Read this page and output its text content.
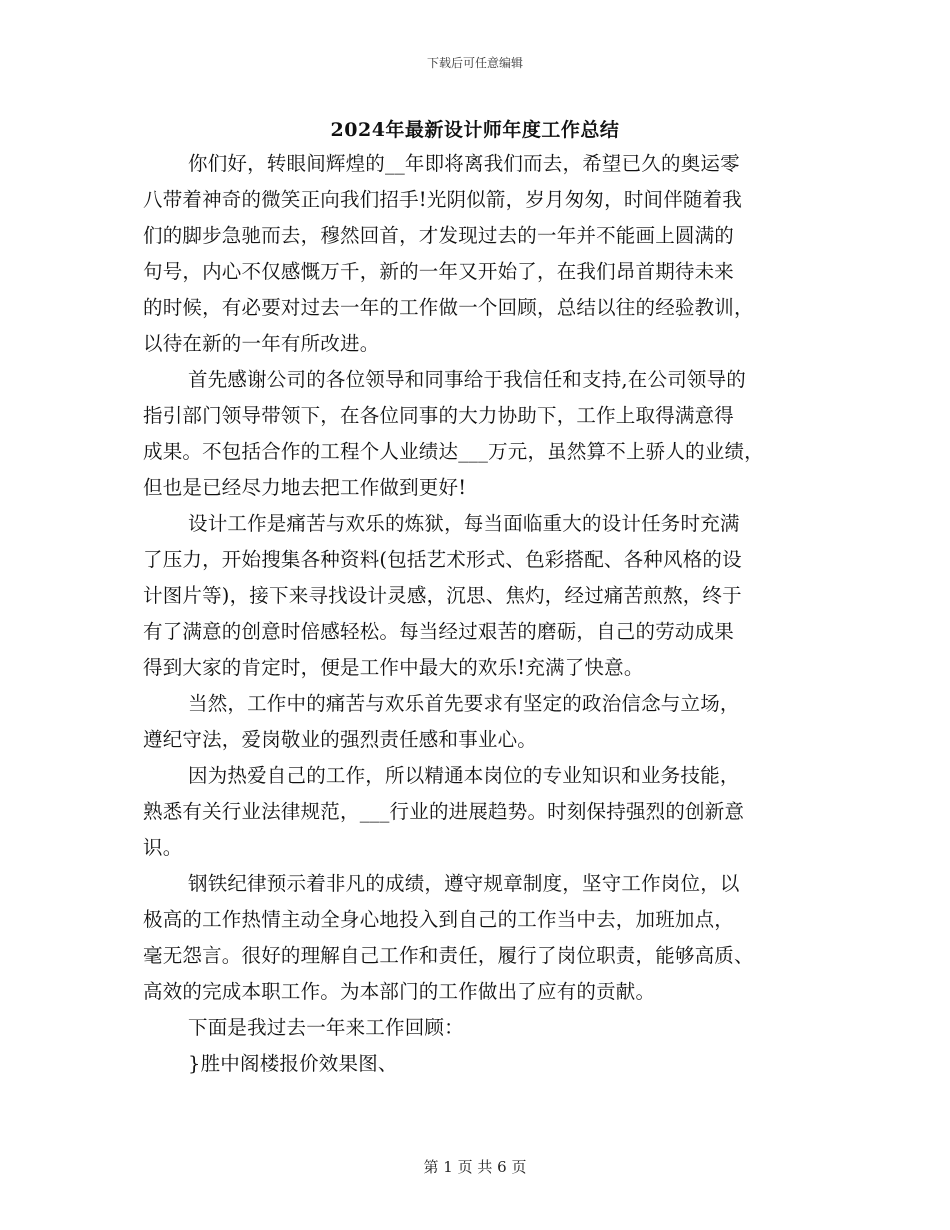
下载后可任意编辑
2024年最新设计师年度工作总结
你们好，转眼间辉煌的__年即将离我们而去，希望已久的奥运零
八带着神奇的微笑正向我们招手!光阴似箭，岁月匆匆，时间伴随着我
们的脚步急驰而去，穆然回首，才发现过去的一年并不能画上圆满的
句号，内心不仅感慨万千，新的一年又开始了，在我们昂首期待未来
的时候，有必要对过去一年的工作做一个回顾，总结以往的经验教训，
以待在新的一年有所改进。
首先感谢公司的各位领导和同事给于我信任和支持,在公司领导的
指引部门领导带领下，在各位同事的大力协助下，工作上取得满意得
成果。不包括合作的工程个人业绩达___万元，虽然算不上骄人的业绩，
但也是已经尽力地去把工作做到更好!
设计工作是痛苦与欢乐的炼狱，每当面临重大的设计任务时充满
了压力，开始搜集各种资料(包括艺术形式、色彩搭配、各种风格的设
计图片等)，接下来寻找设计灵感，沉思、焦灼，经过痛苦煎熬，终于
有了满意的创意时倍感轻松。每当经过艰苦的磨砺，自己的劳动成果
得到大家的肯定时，便是工作中最大的欢乐!充满了快意。
当然，工作中的痛苦与欢乐首先要求有坚定的政治信念与立场，
遵纪守法，爱岗敬业的强烈责任感和事业心。
因为热爱自己的工作，所以精通本岗位的专业知识和业务技能，
熟悉有关行业法律规范，___行业的进展趋势。时刻保持强烈的创新意
识。
钢铁纪律预示着非凡的成绩，遵守规章制度，坚守工作岗位，以
极高的工作热情主动全身心地投入到自己的工作当中去，加班加点，
毫无怨言。很好的理解自己工作和责任，履行了岗位职责，能够高质、
高效的完成本职工作。为本部门的工作做出了应有的贡献。
下面是我过去一年来工作回顾：
}胜中阁楼报价效果图、
第 1 页 共 6 页
